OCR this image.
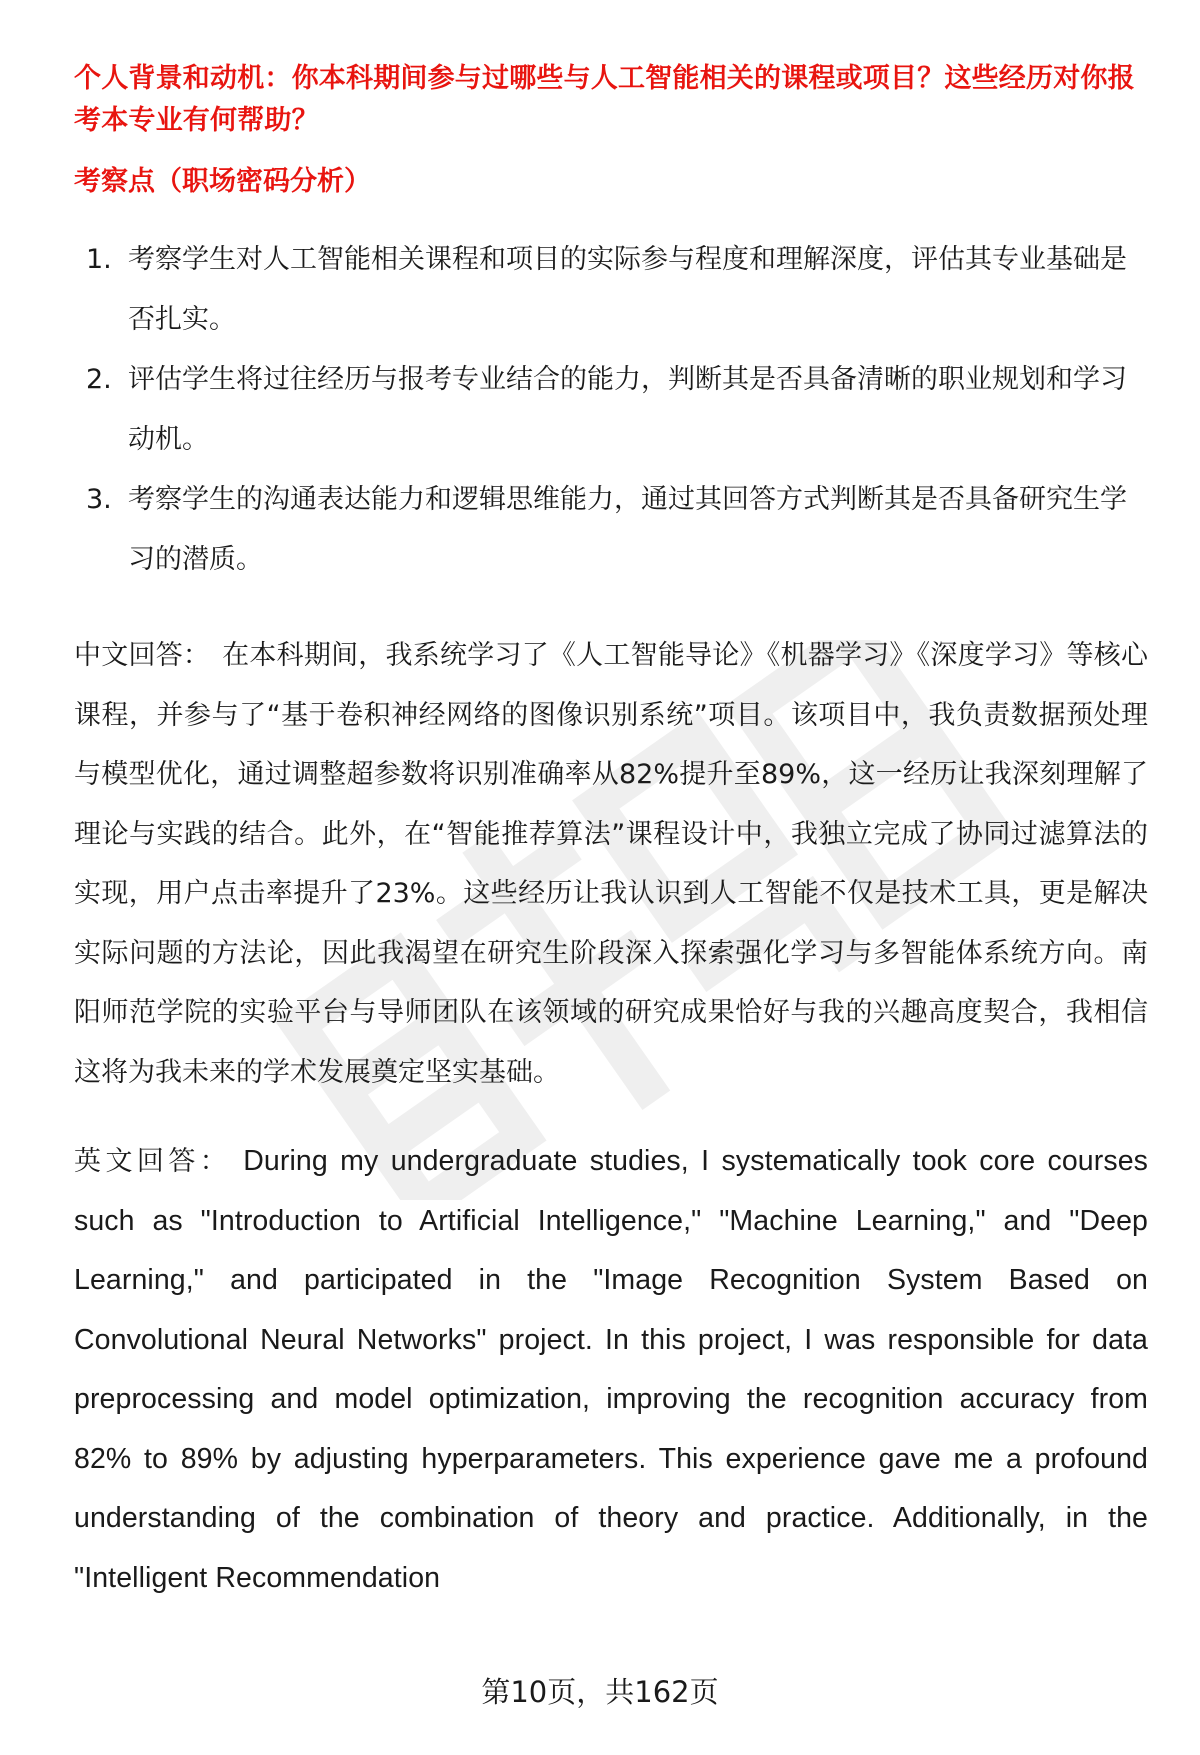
个人背景和动机：你本科期间参与过哪些与人工智能相关的课程或项目？这些经历对你报考本专业有何帮助？
考察点（职场密码分析）
1. 考察学生对人工智能相关课程和项目的实际参与程度和理解深度，评估其专业基础是否扎实。
2. 评估学生将过往经历与报考专业结合的能力，判断其是否具备清晰的职业规划和学习动机。
3. 考察学生的沟通表达能力和逻辑思维能力，通过其回答方式判断其是否具备研究生学习的潜质。

中文回答： 在本科期间，我系统学习了《人工智能导论》《机器学习》《深度学习》等核心课程，并参与了“基于卷积神经网络的图像识别系统”项目。该项目中，我负责数据预处理与模型优化，通过调整超参数将识别准确率从82%提升至89%，这一经历让我深刻理解了理论与实践的结合。此外，在“智能推荐算法”课程设计中，我独立完成了协同过滤算法的实现，用户点击率提升了23%。这些经历让我认识到人工智能不仅是技术工具，更是解决实际问题的方法论，因此我渴望在研究生阶段深入探索强化学习与多智能体系统方向。南阳师范学院的实验平台与导师团队在该领域的研究成果恰好与我的兴趣高度契合，我相信这将为我未来的学术发展奠定坚实基础。

英文回答： During my undergraduate studies, I systematically took core courses such as "Introduction to Artificial Intelligence," "Machine Learning," and "Deep Learning," and participated in the "Image Recognition System Based on Convolutional Neural Networks" project. In this project, I was responsible for data preprocessing and model optimization, improving the recognition accuracy from 82% to 89% by adjusting hyperparameters. This experience gave me a profound understanding of the combination of theory and practice. Additionally, in the "Intelligent Recommendation

第10页，共162页
